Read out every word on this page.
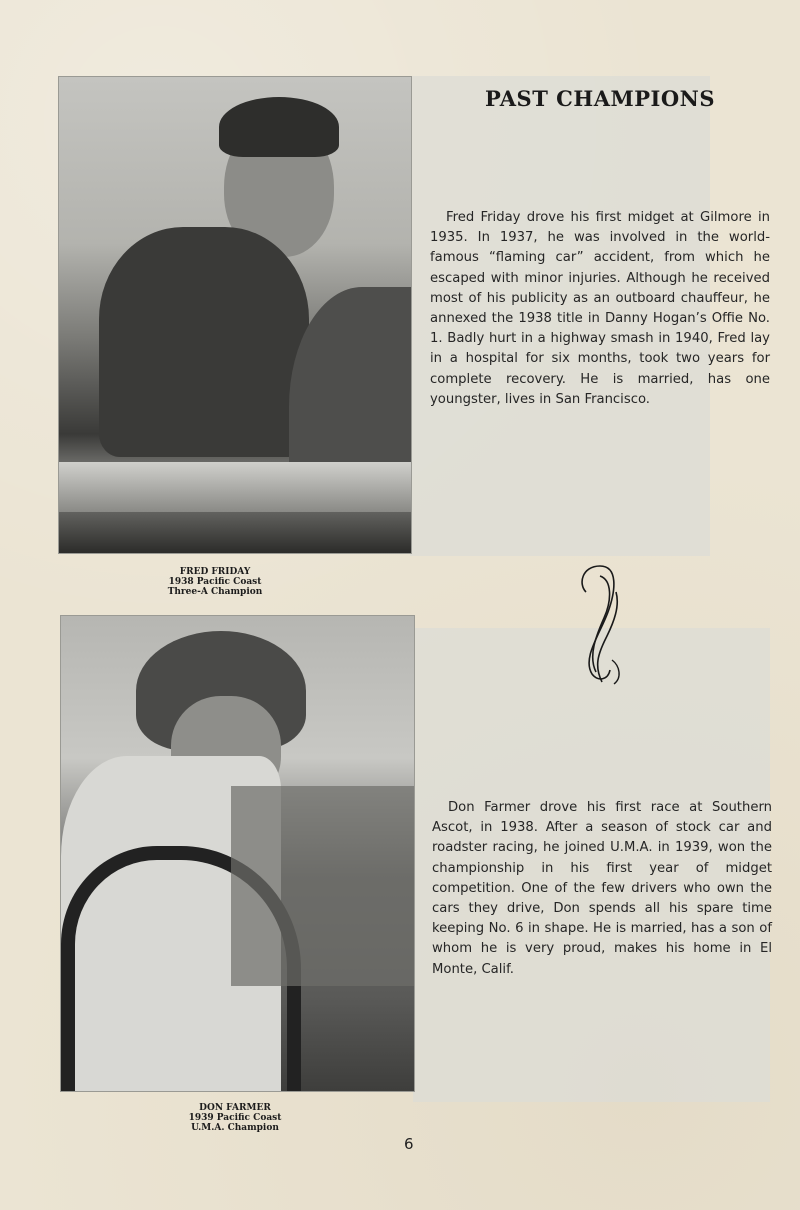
FRED FRIDAY
1938 Pacific Coast
Three-A Champion
PAST CHAMPIONS
Fred Friday drove his first midget at Gilmore in 1935. In 1937, he was involved in the world-famous “flaming car” accident, from which he escaped with minor injuries. Although he received most of his publicity as an outboard chauffeur, he annexed the 1938 title in Danny Hogan’s Offie No. 1. Badly hurt in a highway smash in 1940, Fred lay in a hospital for six months, took two years for complete recovery. He is married, has one youngster, lives in San Francisco.
DON FARMER
1939 Pacific Coast
U.M.A. Champion
Don Farmer drove his first race at Southern Ascot, in 1938. After a season of stock car and roadster racing, he joined U.M.A. in 1939, won the championship in his first year of midget competition. One of the few drivers who own the cars they drive, Don spends all his spare time keeping No. 6 in shape. He is married, has a son of whom he is very proud, makes his home in El Monte, Calif.
6
